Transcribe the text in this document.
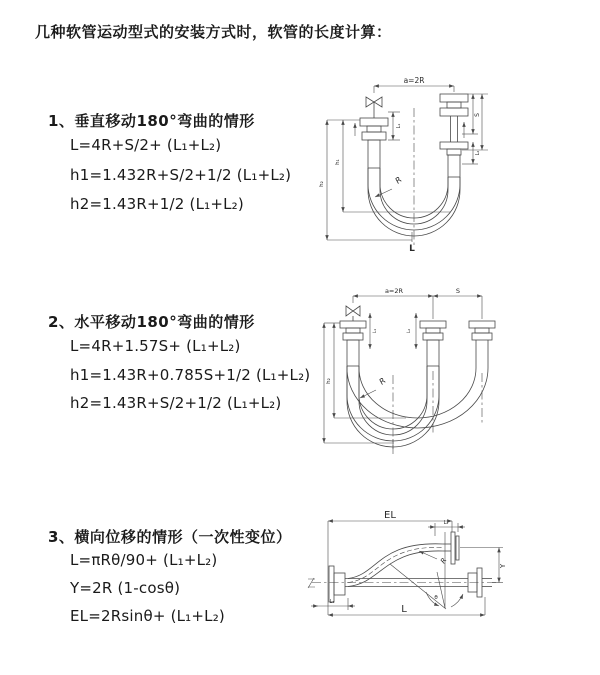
几种软管运动型式的安装方式时，软管的长度计算：
1、垂直移动180°弯曲的情形
L=4R+S/2+ (L₁+L₂)
h1=1.432R+S/2+1/2 (L₁+L₂)
h2=1.43R+1/2 (L₁+L₂)
2、水平移动180°弯曲的情形
L=4R+1.57S+ (L₁+L₂)
h1=1.43R+0.785S+1/2 (L₁+L₂)
h2=1.43R+S/2+1/2 (L₁+L₂)
3、横向位移的情形（一次性变位）
L=πRθ/90+ (L₁+L₂)
Y=2R (1-cosθ)
EL=2Rsinθ+ (L₁+L₂)
a=2R
L₁
S
L₂
h₂
h₁
R
L
a=2R	S
L₁	L₂
h₂	R
EL
L₂
Y
θ
R
L₁
L
